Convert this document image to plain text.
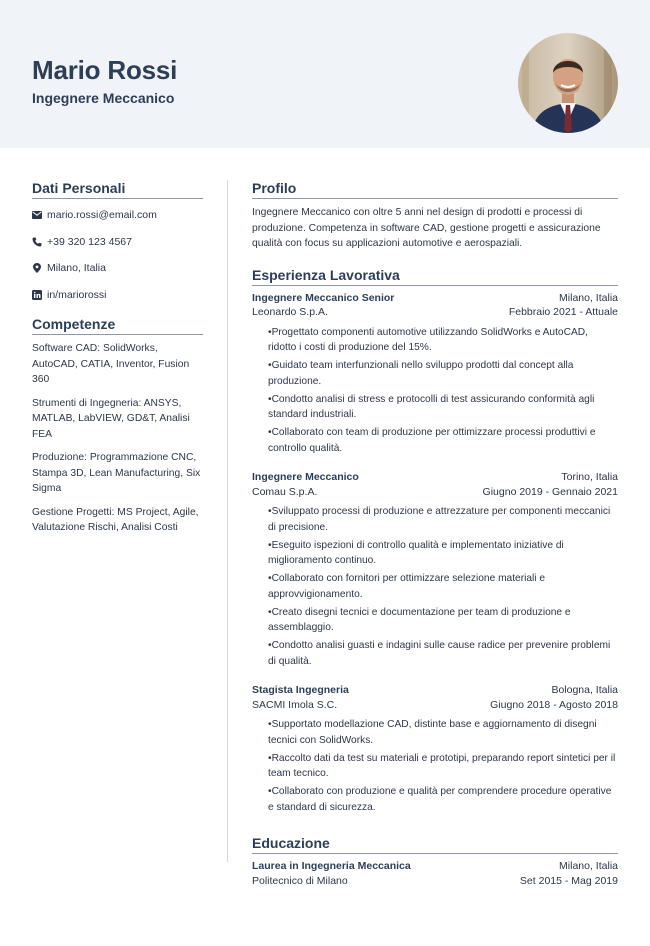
Mario Rossi
Ingegnere Meccanico
Dati Personali
mario.rossi@email.com
+39 320 123 4567
Milano, Italia
in/mariorossi
Competenze
Software CAD: SolidWorks, AutoCAD, CATIA, Inventor, Fusion 360
Strumenti di Ingegneria: ANSYS, MATLAB, LabVIEW, GD&T, Analisi FEA
Produzione: Programmazione CNC, Stampa 3D, Lean Manufacturing, Six Sigma
Gestione Progetti: MS Project, Agile, Valutazione Rischi, Analisi Costi
Profilo
Ingegnere Meccanico con oltre 5 anni nel design di prodotti e processi di produzione. Competenza in software CAD, gestione progetti e assicurazione qualità con focus su applicazioni automotive e aerospaziali.
Esperienza Lavorativa
Ingegnere Meccanico Senior	Milano, Italia
Leonardo S.p.A.	Febbraio 2021 - Attuale
• Progettato componenti automotive utilizzando SolidWorks e AutoCAD, ridotto i costi di produzione del 15%.
• Guidato team interfunzionali nello sviluppo prodotti dal concept alla produzione.
• Condotto analisi di stress e protocolli di test assicurando conformità agli standard industriali.
• Collaborato con team di produzione per ottimizzare processi produttivi e controllo qualità.
Ingegnere Meccanico	Torino, Italia
Comau S.p.A.	Giugno 2019 - Gennaio 2021
• Sviluppato processi di produzione e attrezzature per componenti meccanici di precisione.
• Eseguito ispezioni di controllo qualità e implementato iniziative di miglioramento continuo.
• Collaborato con fornitori per ottimizzare selezione materiali e approvvigionamento.
• Creato disegni tecnici e documentazione per team di produzione e assemblaggio.
• Condotto analisi guasti e indagini sulle cause radice per prevenire problemi di qualità.
Stagista Ingegneria	Bologna, Italia
SACMI Imola S.C.	Giugno 2018 - Agosto 2018
• Supportato modellazione CAD, distinte base e aggiornamento di disegni tecnici con SolidWorks.
• Raccolto dati da test su materiali e prototipi, preparando report sintetici per il team tecnico.
• Collaborato con produzione e qualità per comprendere procedure operative e standard di sicurezza.
Educazione
Laurea in Ingegneria Meccanica	Milano, Italia
Politecnico di Milano	Set 2015 - Mag 2019
